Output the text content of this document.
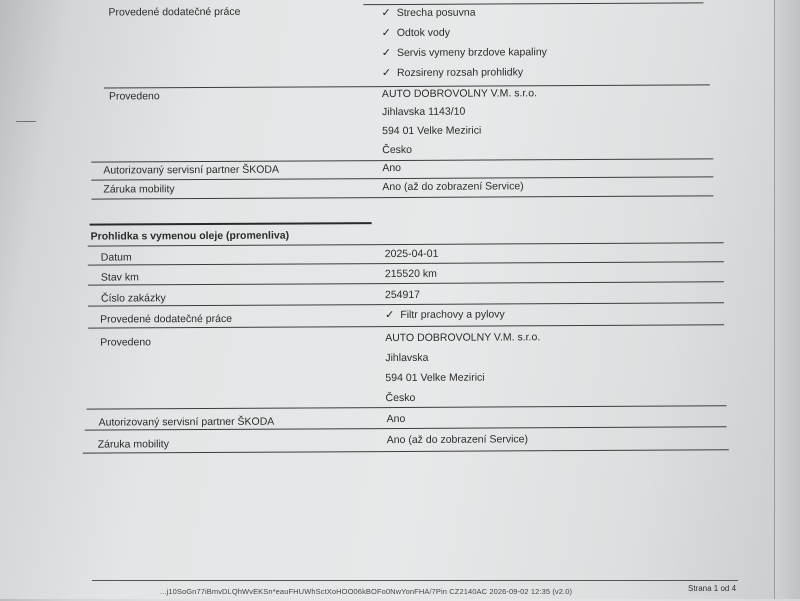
Provedené dodatečné práce	✓ Strecha posuvna
✓ Odtok vody
✓ Servis vymeny brzdove kapaliny
✓ Rozsireny rozsah prohlidky
Provedeno	AUTO DOBROVOLNY V.M. s.r.o.
Jihlavska 1143/10
594 01 Velke Mezirici
Česko
Autorizovaný servisní partner ŠKODA	Ano
Záruka mobility	Ano (až do zobrazení Service)
Prohlidka s vymenou oleje (promenliva)
Datum	2025-04-01
Stav km	215520 km
Číslo zakázky	254917
Provedené dodatečné práce	✓ Filtr prachovy a pylovy
Provedeno	AUTO DOBROVOLNY V.M. s.r.o.
Jihlavska
594 01 Velke Mezirici
Česko
Autorizovaný servisní partner ŠKODA	Ano
Záruka mobility	Ano (až do zobrazení Service)
...j10SoGn77iBmvDLQhWvEKSn*eauFHUWhSctXoHOO06kBOFo0NwYonFHA/7Pin CZ2140AC 2026-09-02 12:35 (v2.0)	Strana 1 od 4
